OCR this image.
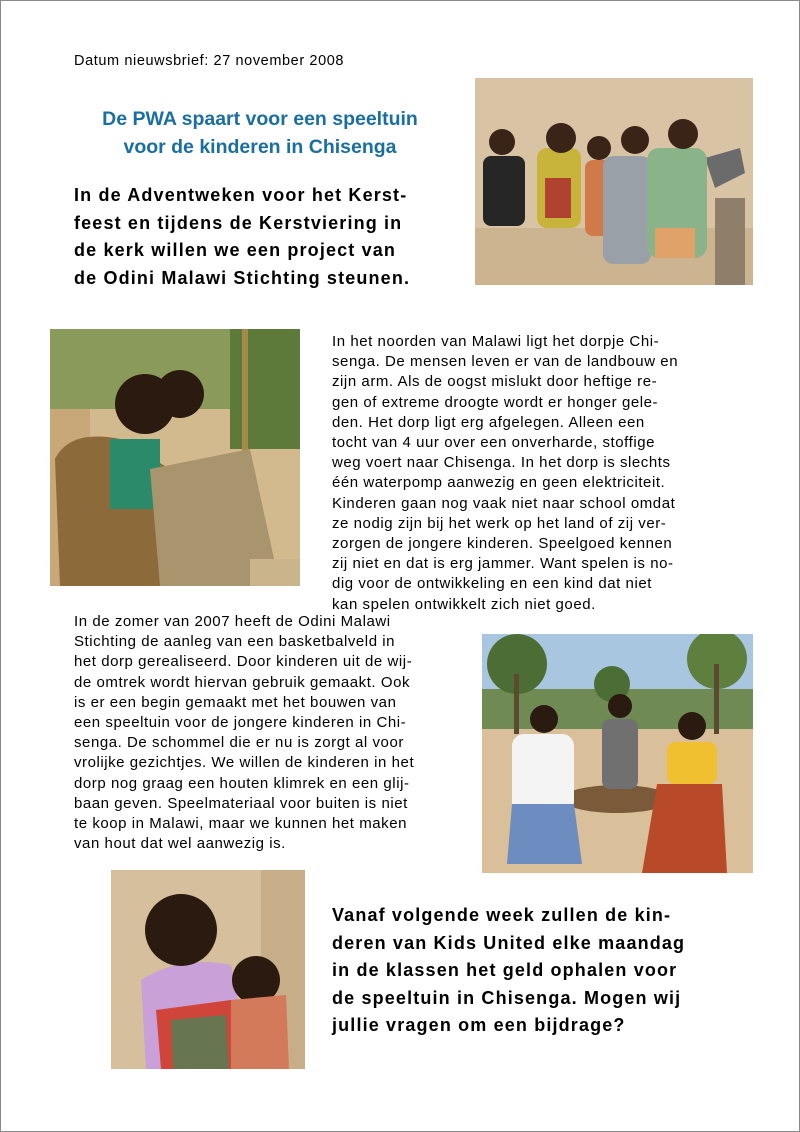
Datum nieuwsbrief: 27 november 2008
De PWA spaart voor een speeltuin
voor de kinderen in Chisenga
In de Adventweken voor het Kerst-
feest en tijdens de Kerstviering in
de kerk willen we een project van
de Odini Malawi Stichting steunen.
In het noorden van Malawi ligt het dorpje Chi-
senga. De mensen leven er van de landbouw en
zijn arm. Als de oogst mislukt door heftige re-
gen of extreme droogte wordt er honger gele-
den. Het dorp ligt erg afgelegen. Alleen een
tocht van 4 uur over een onverharde, stoffige
weg voert naar Chisenga. In het dorp is slechts
één waterpomp aanwezig en geen elektriciteit.
Kinderen gaan nog vaak niet naar school omdat
ze nodig zijn bij het werk op het land of zij ver-
zorgen de jongere kinderen. Speelgoed kennen
zij niet en dat is erg jammer. Want spelen is no-
dig voor de ontwikkeling en een kind dat niet
kan spelen ontwikkelt zich niet goed.
In de zomer van 2007 heeft de Odini Malawi
Stichting de aanleg van een basketbalveld in
het dorp gerealiseerd. Door kinderen uit de wij-
de omtrek wordt hiervan gebruik gemaakt. Ook
is er een begin gemaakt met het bouwen van
een speeltuin voor de jongere kinderen in Chi-
senga. De schommel die er nu is zorgt al voor
vrolijke gezichtjes. We willen de kinderen in het
dorp nog graag een houten klimrek en een glij-
baan geven. Speelmateriaal voor buiten is niet
te koop in Malawi, maar we kunnen het maken
van hout dat wel aanwezig is.
Vanaf volgende week zullen de kin-
deren van Kids United elke maandag
in de klassen het geld ophalen voor
de speeltuin in Chisenga. Mogen wij
jullie vragen om een bijdrage?
